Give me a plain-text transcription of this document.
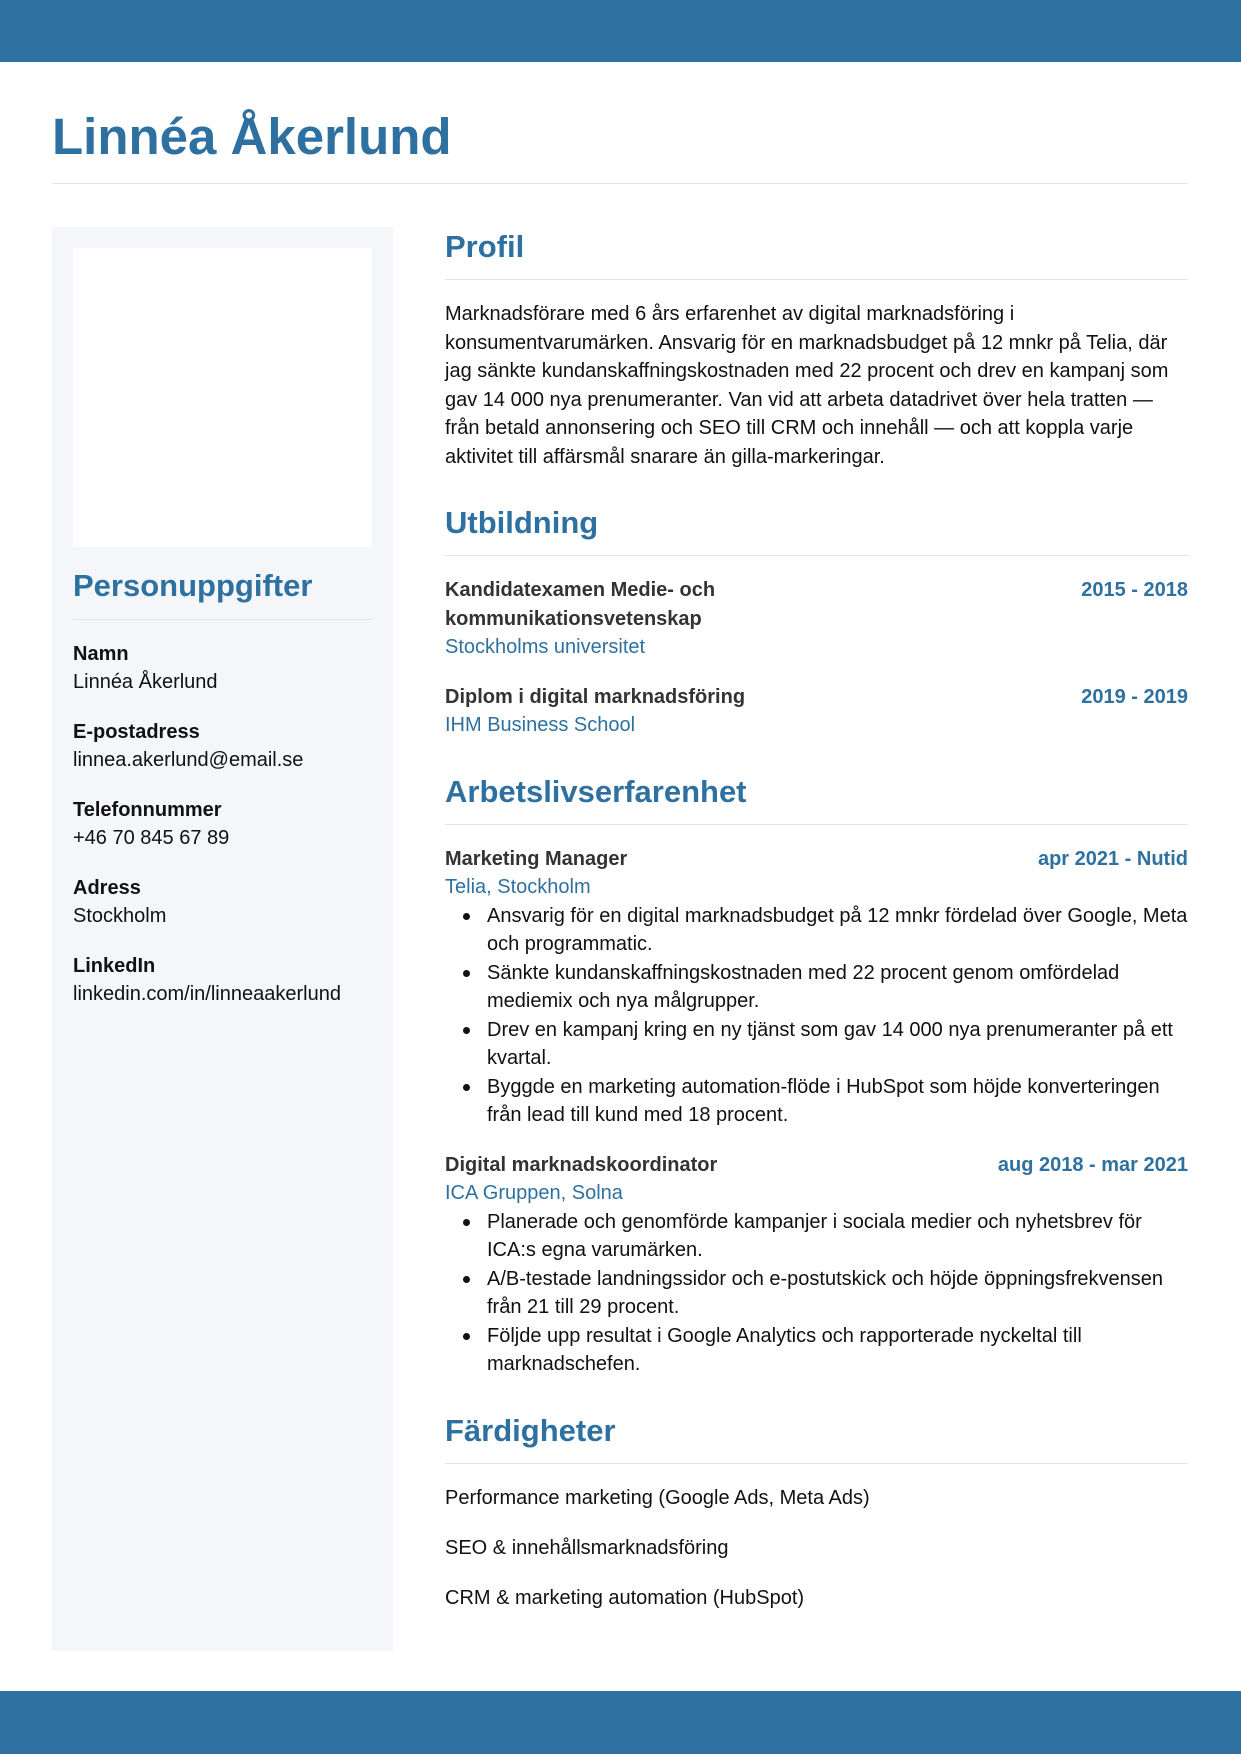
Linnéa Åkerlund
Personuppgifter
Namn
Linnéa Åkerlund
E-postadress
linnea.akerlund@email.se
Telefonnummer
+46 70 845 67 89
Adress
Stockholm
LinkedIn
linkedin.com/in/linneaakerlund
Profil

Marknadsförare med 6 års erfarenhet av digital marknadsföring i konsumentvarumärken. Ansvarig för en marknadsbudget på 12 mnkr på Telia, där jag sänkte kundanskaffningskostnaden med 22 procent och drev en kampanj som gav 14 000 nya prenumeranter. Van vid att arbeta datadrivet över hela tratten — från betald annonsering och SEO till CRM och innehåll — och att koppla varje aktivitet till affärsmål snarare än gilla-markeringar.

Utbildning
Kandidatexamen Medie- och kommunikationsvetenskap
2015 - 2018
Stockholms universitet
Diplom i digital marknadsföring	2019 - 2019
IHM Business School
Arbetslivserfarenhet
Marketing Manager	apr 2021 - Nutid
Telia, Stockholm
Ansvarig för en digital marknadsbudget på 12 mnkr fördelad över Google, Meta och programmatic.
Sänkte kundanskaffningskostnaden med 22 procent genom omfördelad mediemix och nya målgrupper.
Drev en kampanj kring en ny tjänst som gav 14 000 nya prenumeranter på ett kvartal.
Byggde en marketing automation-flöde i HubSpot som höjde konverteringen från lead till kund med 18 procent.
Digital marknadskoordinator	aug 2018 - mar 2021
ICA Gruppen, Solna
Planerade och genomförde kampanjer i sociala medier och nyhetsbrev för ICA:s egna varumärken.
A/B-testade landningssidor och e-postutskick och höjde öppningsfrekvensen från 21 till 29 procent.
Följde upp resultat i Google Analytics och rapporterade nyckeltal till marknadschefen.
Färdigheter
Performance marketing (Google Ads, Meta Ads)
SEO & innehållsmarknadsföring
CRM & marketing automation (HubSpot)
